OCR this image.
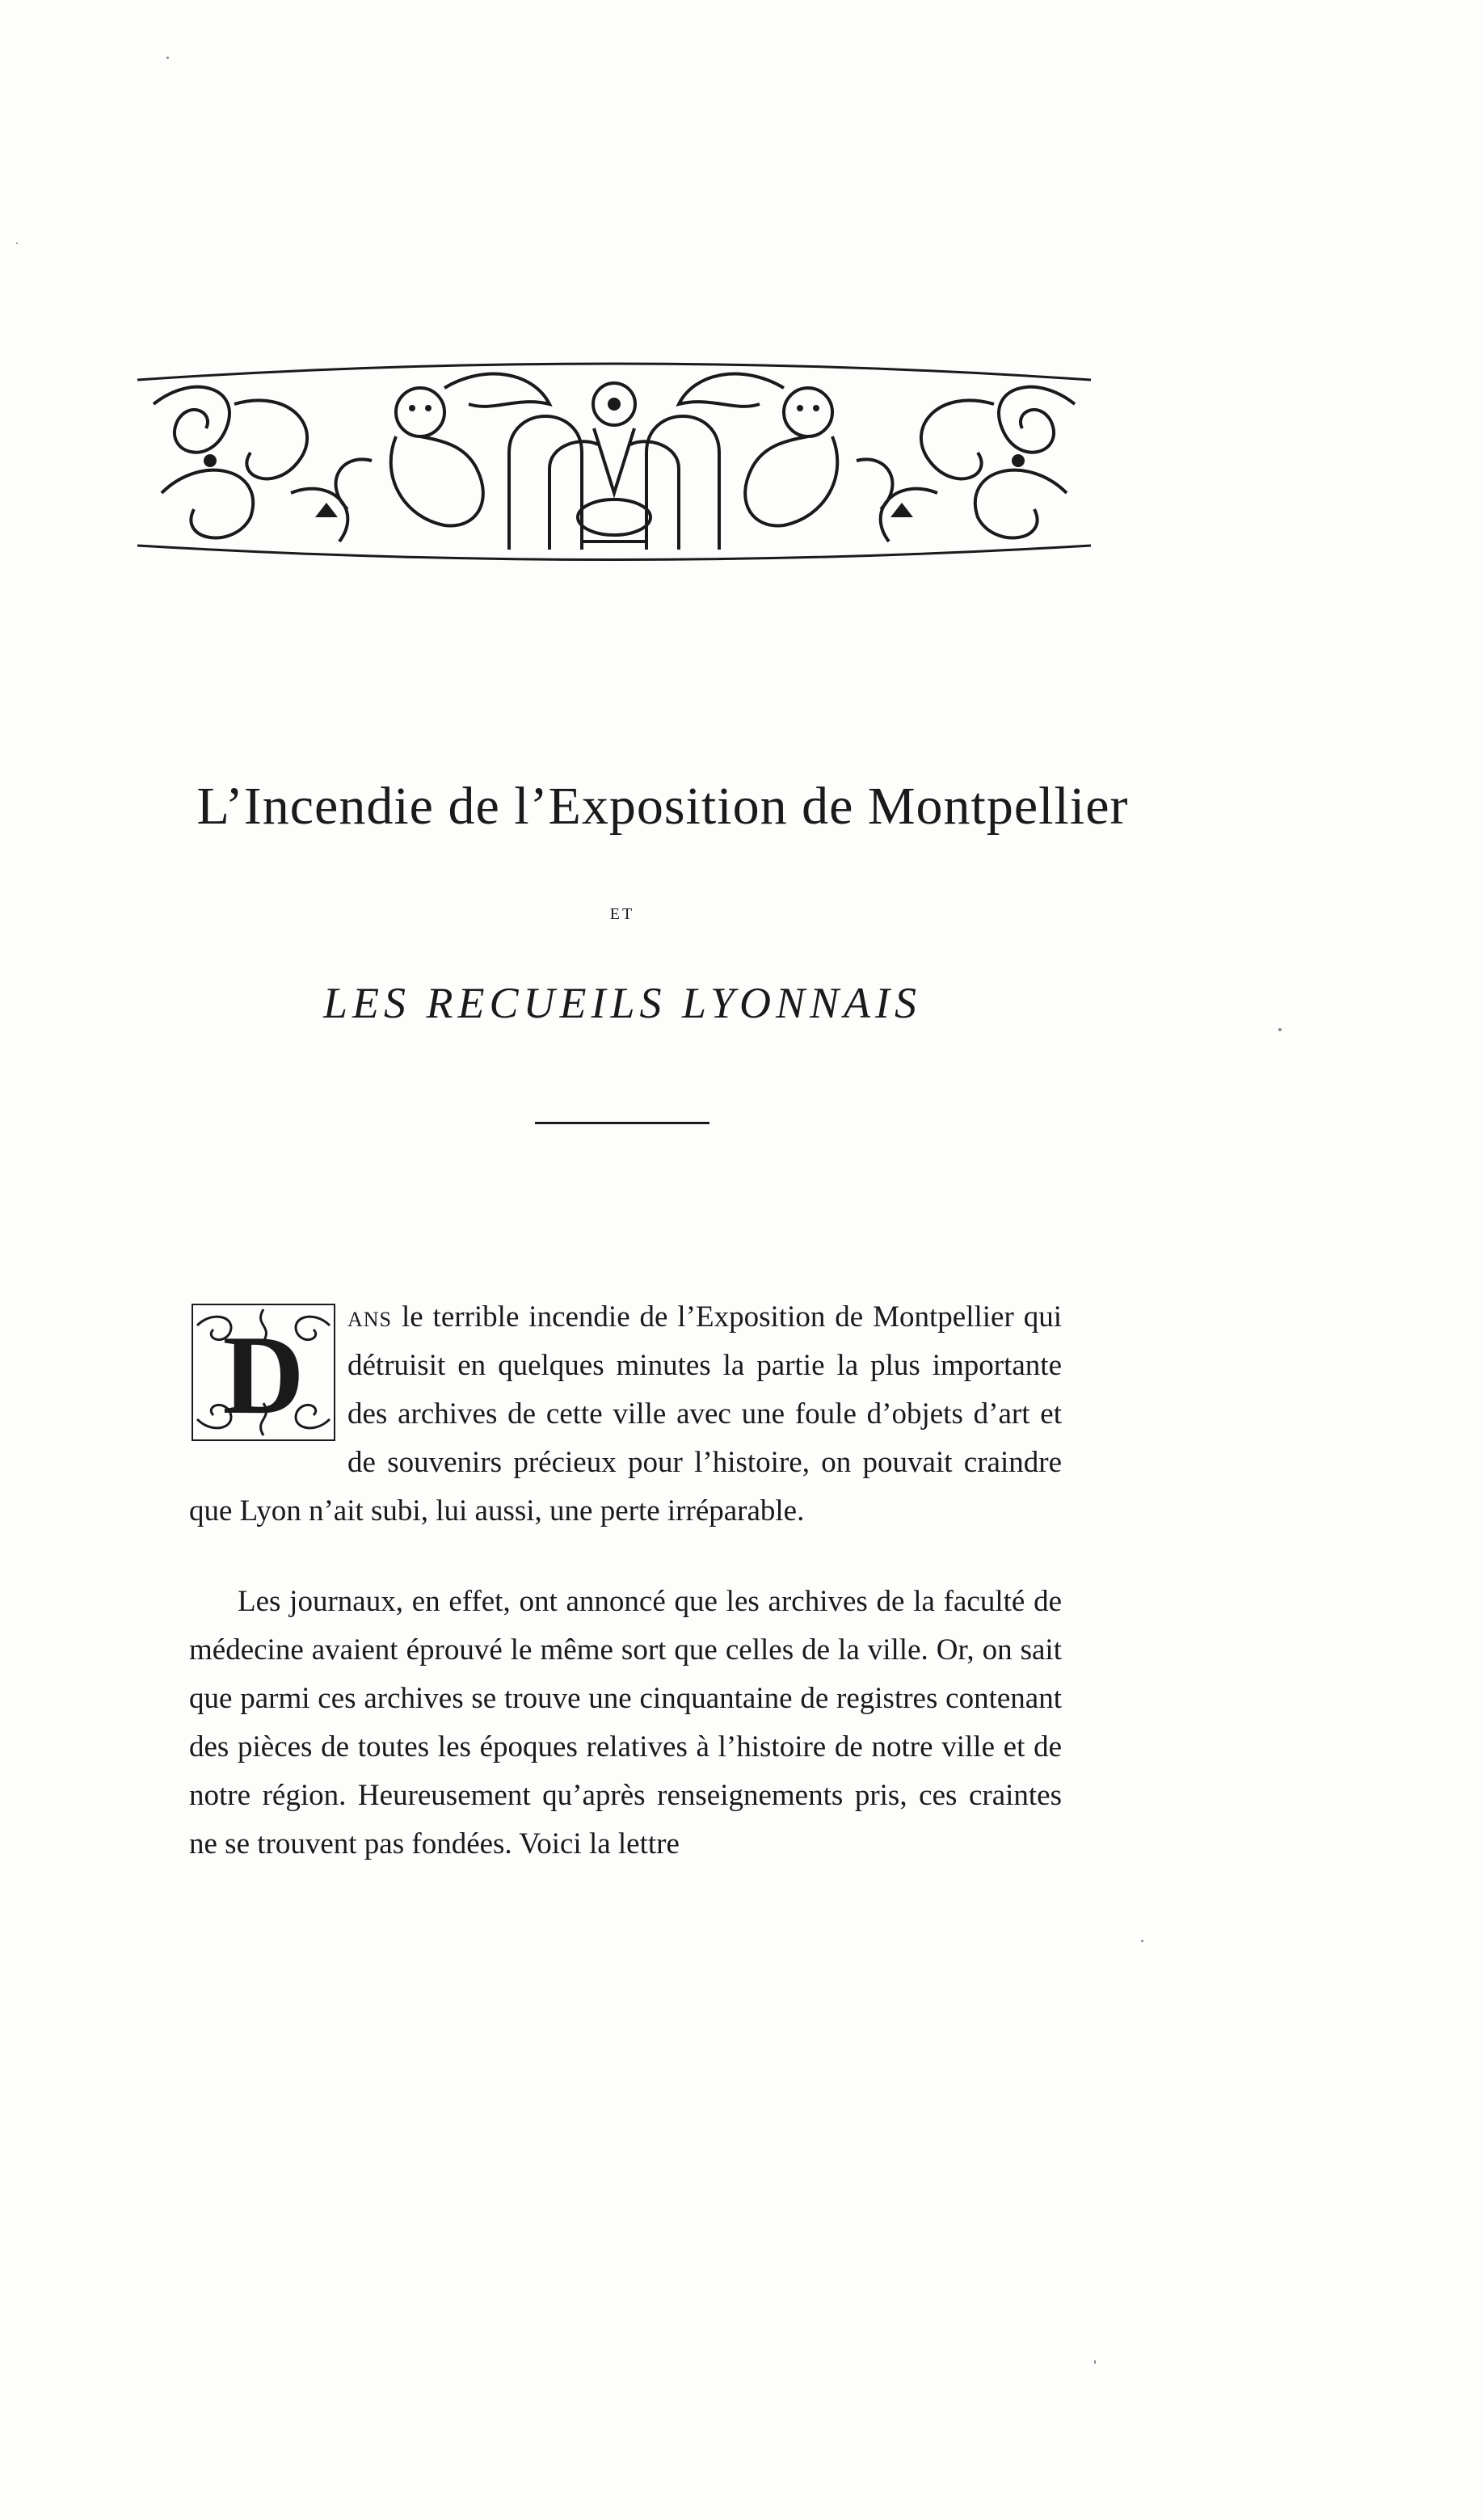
L’Incendie de l’Exposition de Montpellier
ET
LES RECUEILS LYONNAIS

D ans le terrible incendie de l’Exposition de Montpellier qui détruisit en quelques minutes la partie la plus importante des archives de cette ville avec une foule d’objets d’art et de souvenirs précieux pour l’histoire, on pouvait craindre que Lyon n’ait subi, lui aussi, une perte irréparable.

Les journaux, en effet, ont annoncé que les archives de la faculté de médecine avaient éprouvé le même sort que celles de la ville. Or, on sait que parmi ces archives se trouve une cinquantaine de registres contenant des pièces de toutes les époques relatives à l’histoire de notre ville et de notre région. Heureusement qu’après renseignements pris, ces craintes ne se trouvent pas fondées. Voici la lettre
